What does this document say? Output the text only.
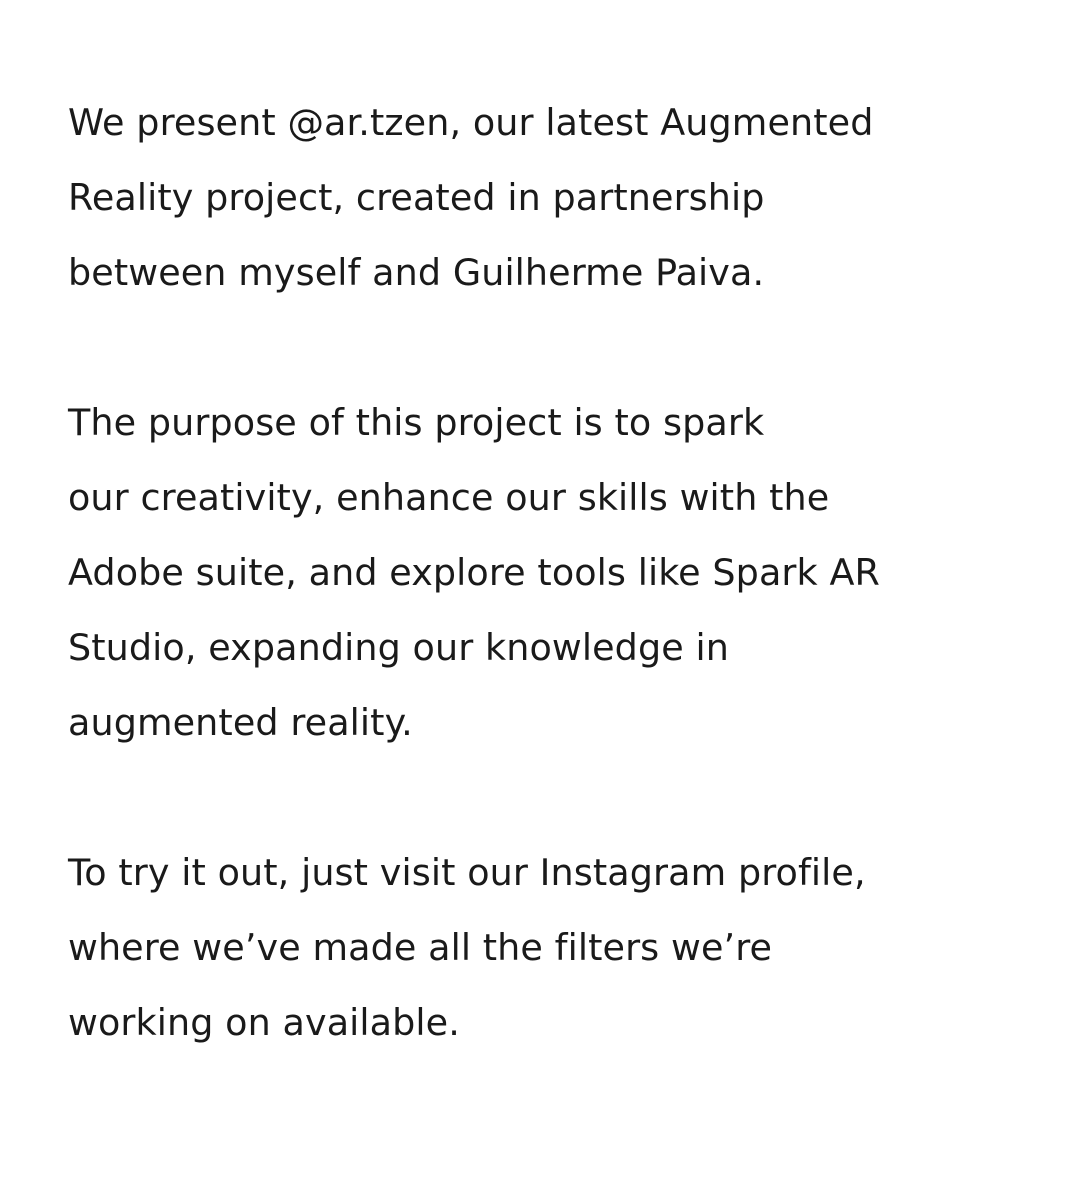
We present @ar.tzen, our latest Augmented
Reality project, created in partnership
between myself and Guilherme Paiva.

The purpose of this project is to spark
our creativity, enhance our skills with the
Adobe suite, and explore tools like Spark AR
Studio, expanding our knowledge in
augmented reality.

To try it out, just visit our Instagram profile,
where we’ve made all the filters we’re
working on available.
